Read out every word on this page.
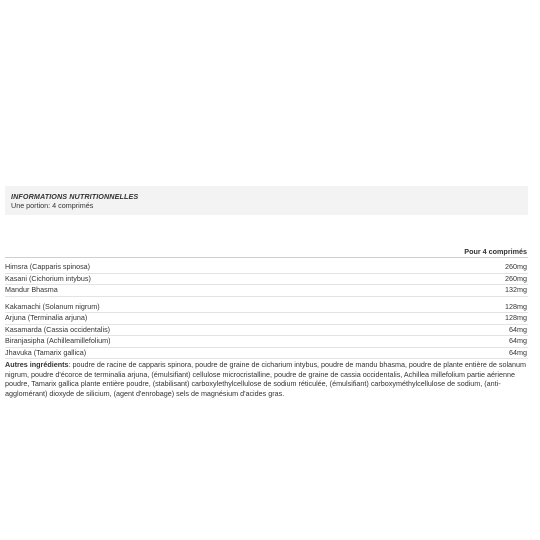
INFORMATIONS NUTRITIONNELLES
Une portion: 4 comprimés
Pour 4 comprimés
Himsra (Capparis spinosa)	260mg
Kasani (Cichorium intybus)	260mg
Mandur Bhasma	132mg
Kakamachi (Solanum nigrum)	128mg
Arjuna (Terminalia arjuna)	128mg
Kasamarda (Cassia occidentalis)	64mg
Biranjasipha (Achilleamillefolium)	64mg
Jhavuka (Tamarix gallica)	64mg
Autres ingrédients: poudre de racine de capparis spinora, poudre de graine de cicharium intybus, poudre de mandu bhasma, poudre de plante entière de solanum nigrum, poudre d'écorce de terminalia arjuna, (émulsifiant) cellulose microcristalline, poudre de graine de cassia occidentalis, Achillea millefolium partie aérienne poudre, Tamarix gallica plante entière poudre, (stabilisant) carboxylethylcellulose de sodium réticulée, (émulsifiant) carboxyméthylcellulose de sodium, (anti-agglomérant) dioxyde de silicium, (agent d'enrobage) sels de magnésium d'acides gras.
